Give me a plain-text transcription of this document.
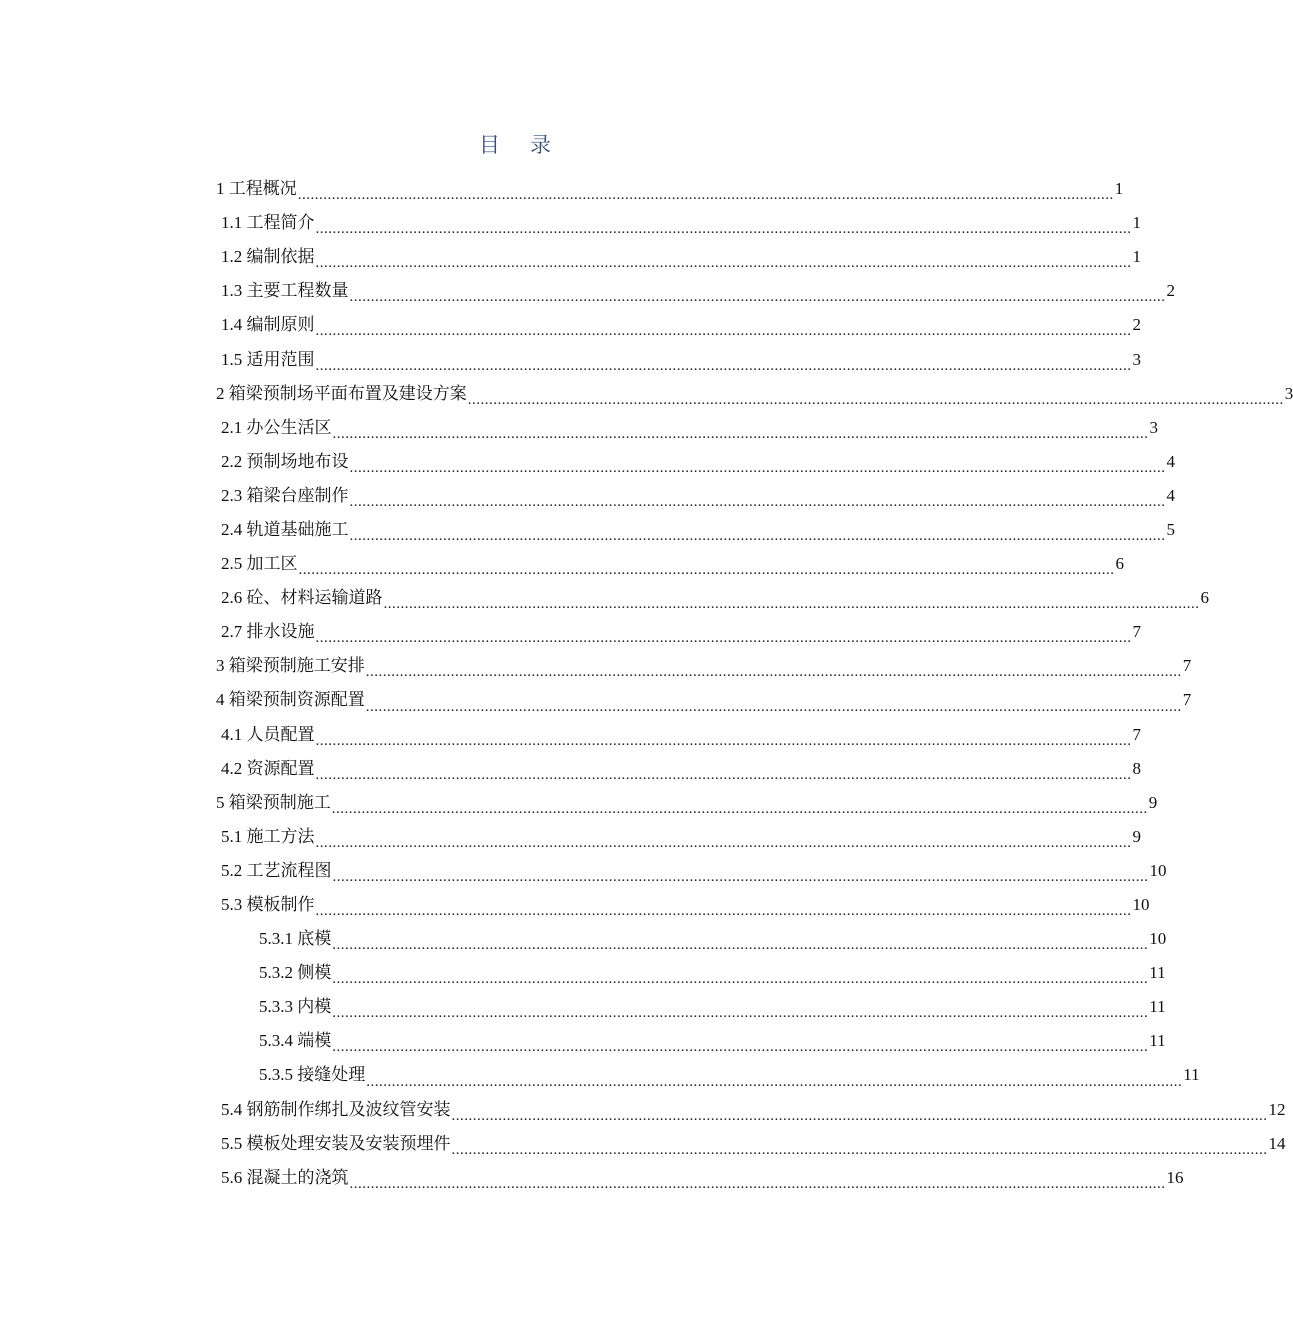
目录
1 工程概况 .....	1
1.1 工程简介 .....	1
1.2 编制依据 .....	1
1.3 主要工程数量 .....	2
1.4 编制原则 .....	2
1.5 适用范围 .....	3
2 箱梁预制场平面布置及建设方案 .....	3
2.1 办公生活区 .....	3
2.2 预制场地布设 .....	4
2.3 箱梁台座制作 .....	4
2.4 轨道基础施工 .....	5
2.5 加工区 .....	6
2.6 砼、材料运输道路 .....	6
2.7 排水设施 .....	7
3 箱梁预制施工安排 .....	7
4 箱梁预制资源配置 .....	7
4.1 人员配置 .....	7
4.2 资源配置 .....	8
5 箱梁预制施工 .....	9
5.1 施工方法 .....	9
5.2 工艺流程图 .....	10
5.3 模板制作 .....	10
5.3.1 底模 .....	10
5.3.2 侧模 .....	11
5.3.3 内模 .....	11
5.3.4 端模 .....	11
5.3.5 接缝处理 .....	11
5.4 钢筋制作绑扎及波纹管安装 .....	12
5.5 模板处理安装及安装预埋件 .....	14
5.6 混凝土的浇筑 .....	16
